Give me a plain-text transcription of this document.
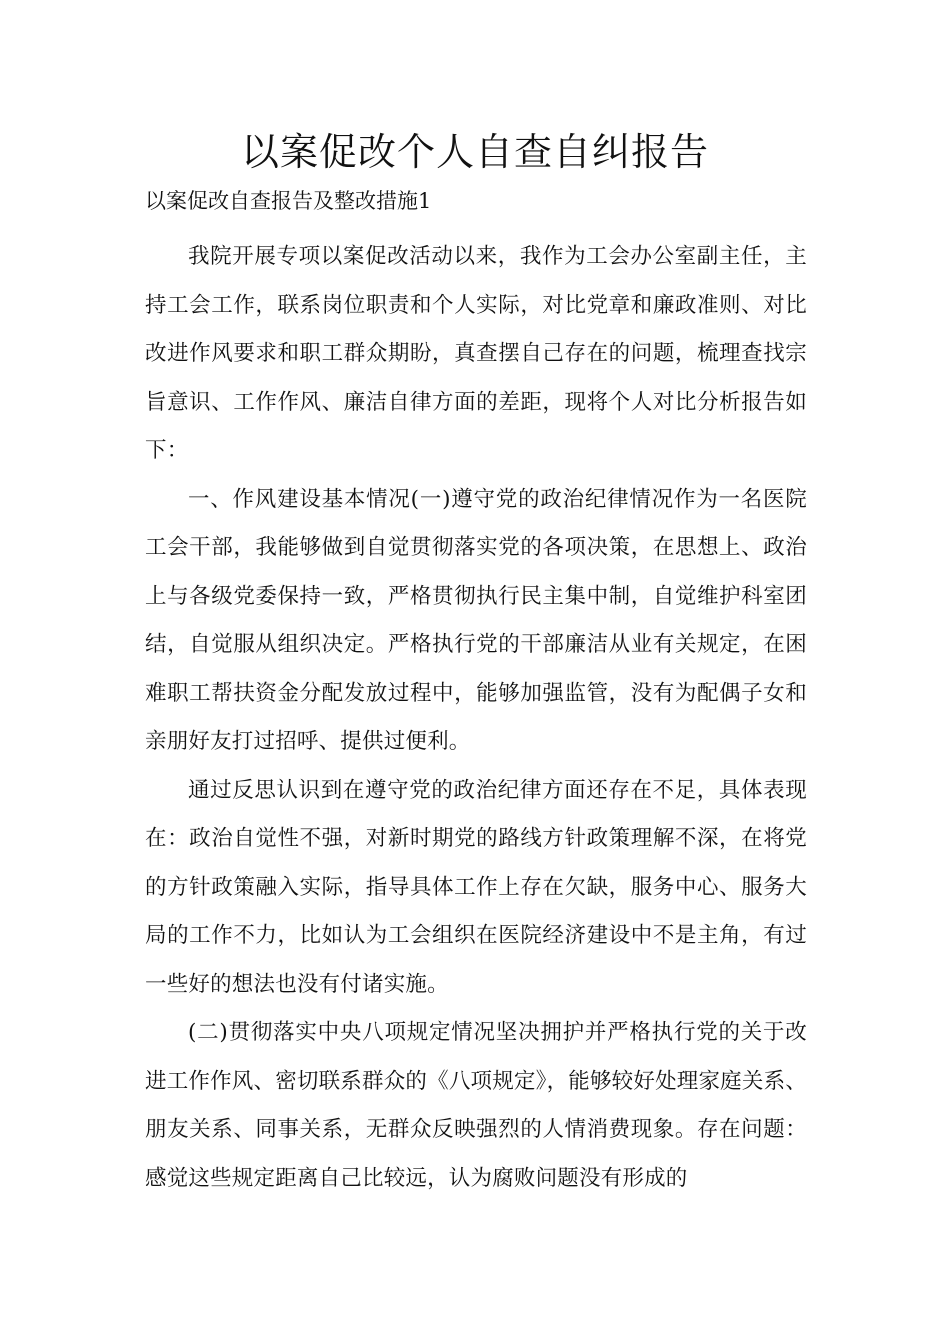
以案促改个人自查自纠报告

以案促改自查报告及整改措施1

我院开展专项以案促改活动以来，我作为工会办公室副主任，主持工会工作，联系岗位职责和个人实际，对比党章和廉政准则、对比改进作风要求和职工群众期盼，真查摆自己存在的问题，梳理查找宗旨意识、工作作风、廉洁自律方面的差距，现将个人对比分析报告如下：

一、作风建设基本情况(一)遵守党的政治纪律情况作为一名医院工会干部，我能够做到自觉贯彻落实党的各项决策，在思想上、政治上与各级党委保持一致，严格贯彻执行民主集中制，自觉维护科室团结，自觉服从组织决定。严格执行党的干部廉洁从业有关规定，在困难职工帮扶资金分配发放过程中，能够加强监管，没有为配偶子女和亲朋好友打过招呼、提供过便利。

通过反思认识到在遵守党的政治纪律方面还存在不足，具体表现在：政治自觉性不强，对新时期党的路线方针政策理解不深，在将党的方针政策融入实际，指导具体工作上存在欠缺，服务中心、服务大局的工作不力，比如认为工会组织在医院经济建设中不是主角，有过一些好的想法也没有付诸实施。

(二)贯彻落实中央八项规定情况坚决拥护并严格执行党的关于改进工作作风、密切联系群众的《八项规定》，能够较好处理家庭关系、朋友关系、同事关系，无群众反映强烈的人情消费现象。存在问题：感觉这些规定距离自己比较远，认为腐败问题没有形成的
